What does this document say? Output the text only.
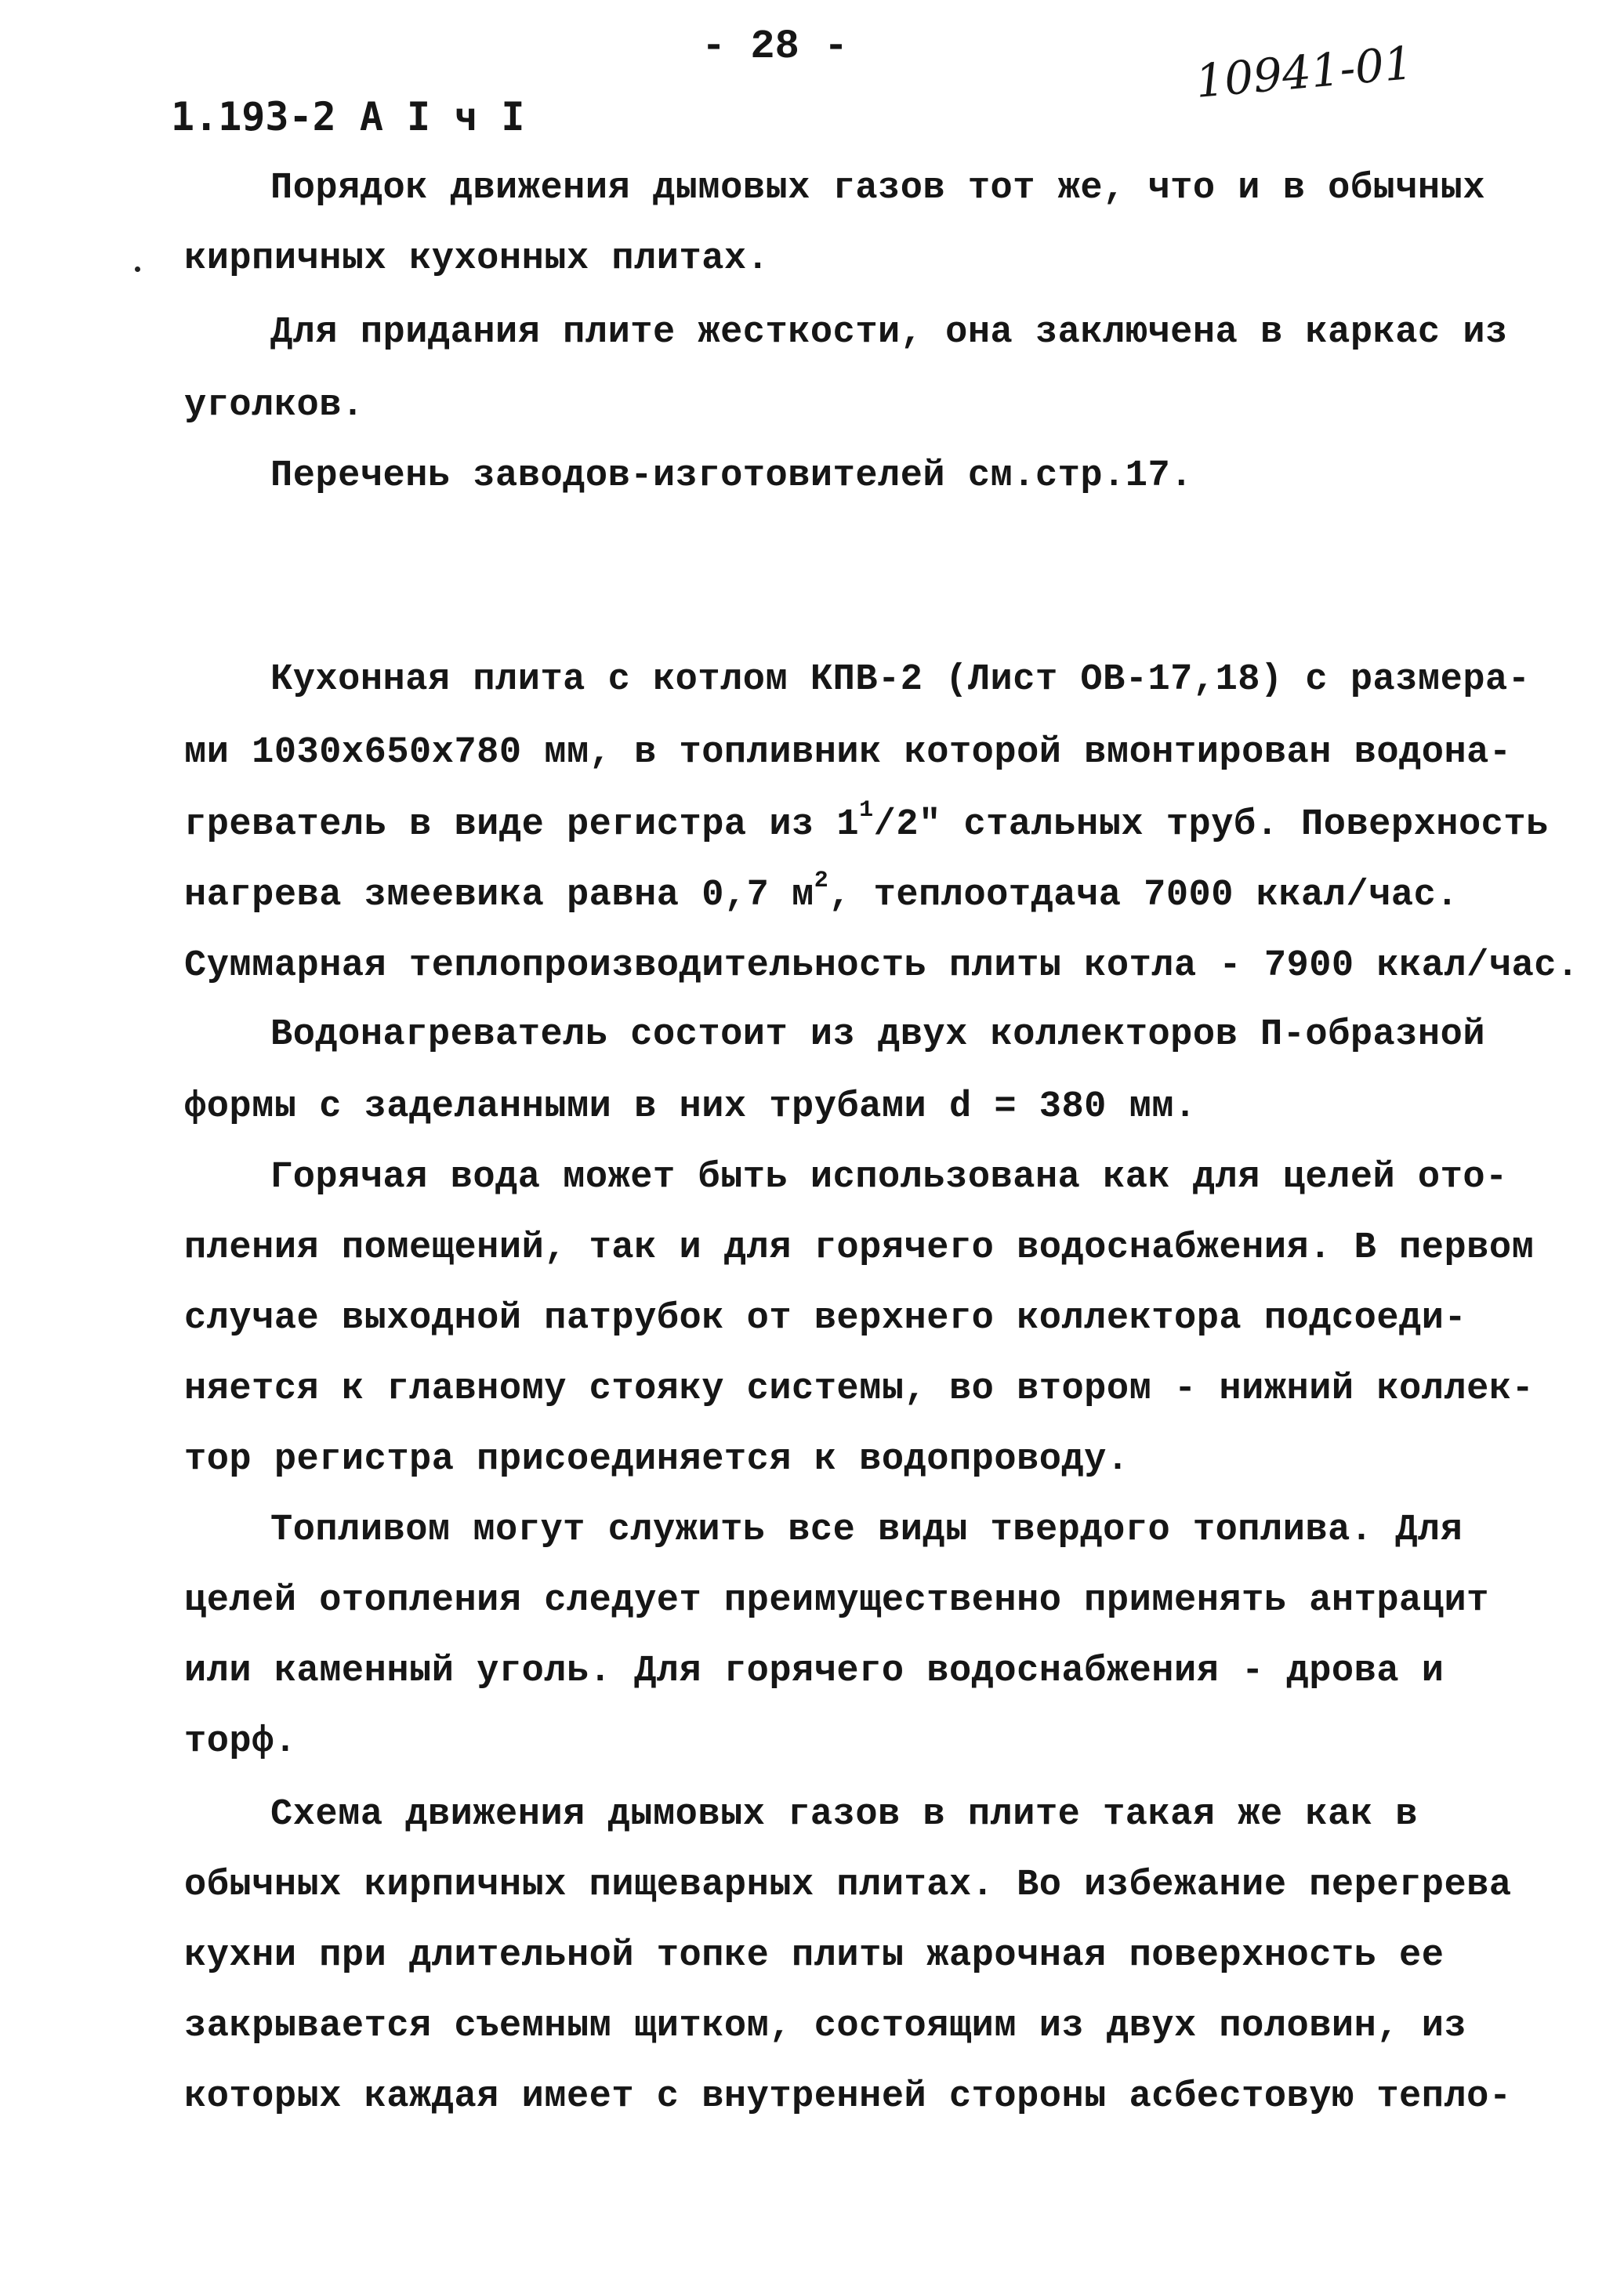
- 28 -	10941-01
1.193-2 А I ч I
Порядок движения дымовых газов тот же, что и в обычных
кирпичных кухонных плитах.
Для придания плите жесткости, она заключена в каркас из
уголков.
Перечень заводов-изготовителей см.стр.17.
Кухонная плита с котлом КПВ-2 (Лист ОВ-17,18) с размера-
ми 1030х650х780 мм, в топливник которой вмонтирован водона-
греватель в виде регистра из $1^1/2$" стальных труб. Поверхность
нагрева змеевика равна 0,7 $м^2$, теплоотдача 7000 ккал/час.
Суммарная теплопроизводительность плиты котла - 7900 ккал/час.
Водонагреватель состоит из двух коллекторов П-образной
формы с заделанными в них трубами d = 380 мм.
Горячая вода может быть использована как для целей ото-
пления помещений, так и для горячего водоснабжения. В первом
случае выходной патрубок от верхнего коллектора подсоеди-
няется к главному стояку системы, во втором - нижний коллек-
тор регистра присоединяется к водопроводу.
Топливом могут служить все виды твердого топлива. Для
целей отопления следует преимущественно применять антрацит
или каменный уголь. Для горячего водоснабжения - дрова и
торф.
Схема движения дымовых газов в плите такая же как в
обычных кирпичных пищеварных плитах. Во избежание перегрева
кухни при длительной топке плиты жарочная поверхность ее
закрывается съемным щитком, состоящим из двух половин, из
которых каждая имеет с внутренней стороны асбестовую тепло-
